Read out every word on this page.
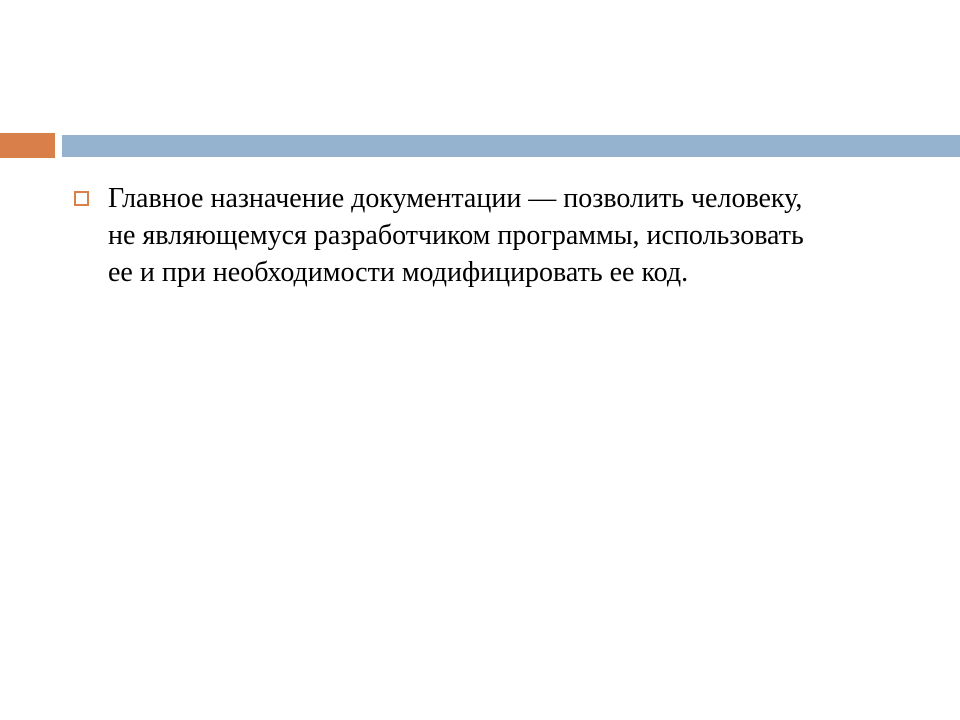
Главное назначение документации — позволить человеку,
не являющемуся разработчиком программы, использовать
ее и при необходимости модифицировать ее код.
